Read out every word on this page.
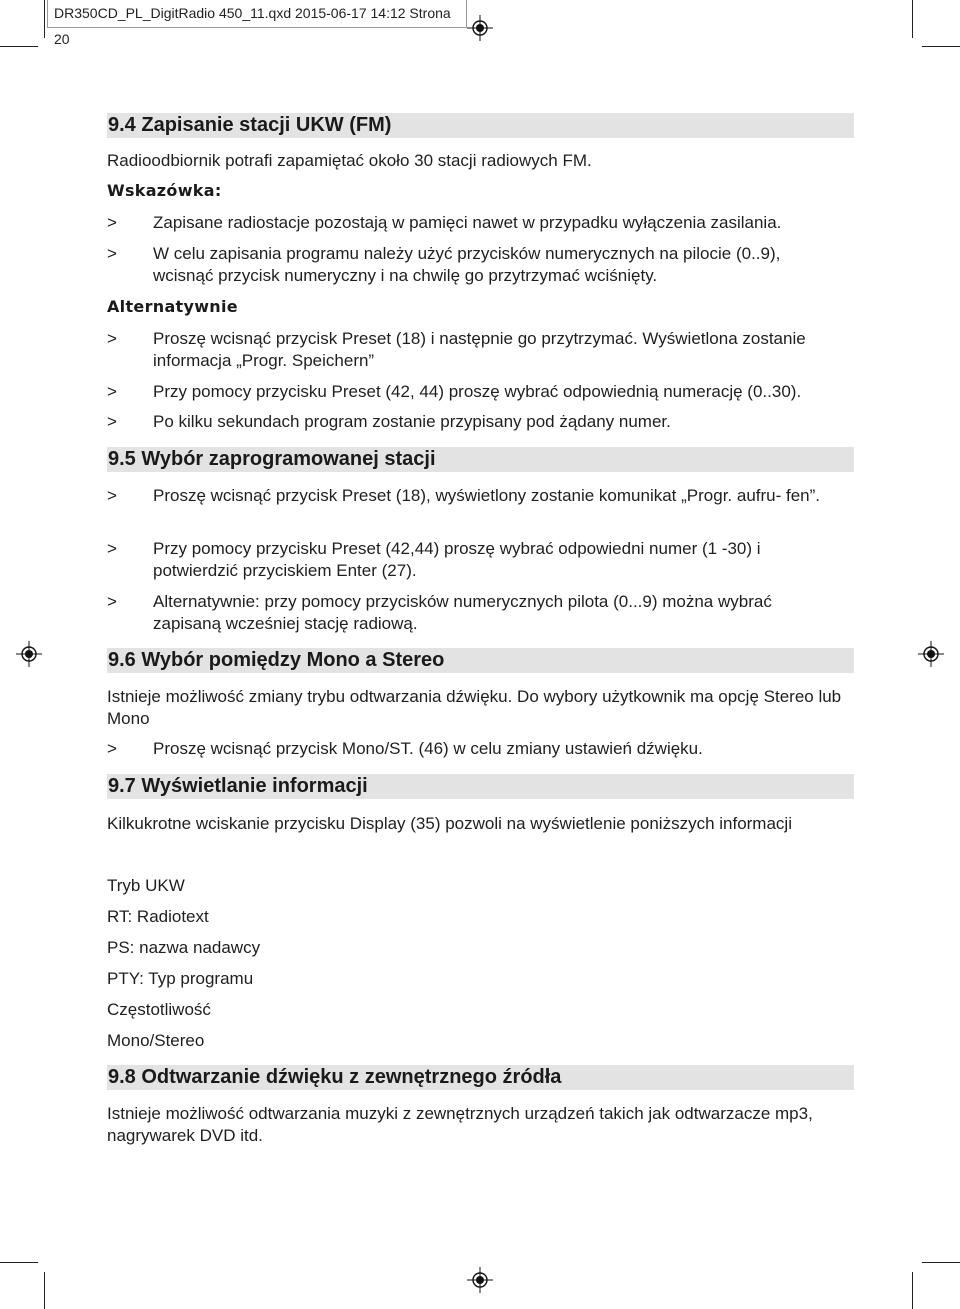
DR350CD_PL_DigitRadio 450_11.qxd 2015-06-17 14:12 Strona 20
9.4 Zapisanie stacji UKW (FM)
Radioodbiornik potrafi zapamiętać około 30 stacji radiowych FM.
Wskazówka:
> Zapisane radiostacje pozostają w pamięci nawet w przypadku wyłączenia zasilania.
> W celu zapisania programu należy użyć przycisków numerycznych na pilocie (0..9), wcisnąć przycisk numeryczny i na chwilę go przytrzymać wciśnięty.
Alternatywnie
> Proszę wcisnąć przycisk Preset (18) i następnie go przytrzymać. Wyświetlona zostanie informacja „Progr. Speichern”
> Przy pomocy przycisku Preset (42, 44) proszę wybrać odpowiednią numerację (0..30).
> Po kilku sekundach program zostanie przypisany pod żądany numer.
9.5 Wybór zaprogramowanej stacji
> Proszę wcisnąć przycisk Preset (18), wyświetlony zostanie komunikat „Progr. aufru- fen”.
> Przy pomocy przycisku Preset (42,44) proszę wybrać odpowiedni numer (1 -30) i potwierdzić przyciskiem Enter (27).
> Alternatywnie: przy pomocy przycisków numerycznych pilota (0...9) można wybrać zapisaną wcześniej stację radiową.
9.6 Wybór pomiędzy Mono a Stereo
Istnieje możliwość zmiany trybu odtwarzania dźwięku. Do wybory użytkownik ma opcję Stereo lub Mono
> Proszę wcisnąć przycisk Mono/ST. (46) w celu zmiany ustawień dźwięku.
9.7 Wyświetlanie informacji
Kilkukrotne wciskanie przycisku Display (35) pozwoli na wyświetlenie poniższych informacji
Tryb UKW
RT: Radiotext
PS: nazwa nadawcy
PTY: Typ programu
Częstotliwość
Mono/Stereo
9.8 Odtwarzanie dźwięku z zewnętrznego źródła
Istnieje możliwość odtwarzania muzyki z zewnętrznych urządzeń takich jak odtwarzacze mp3, nagrywarek DVD itd.
